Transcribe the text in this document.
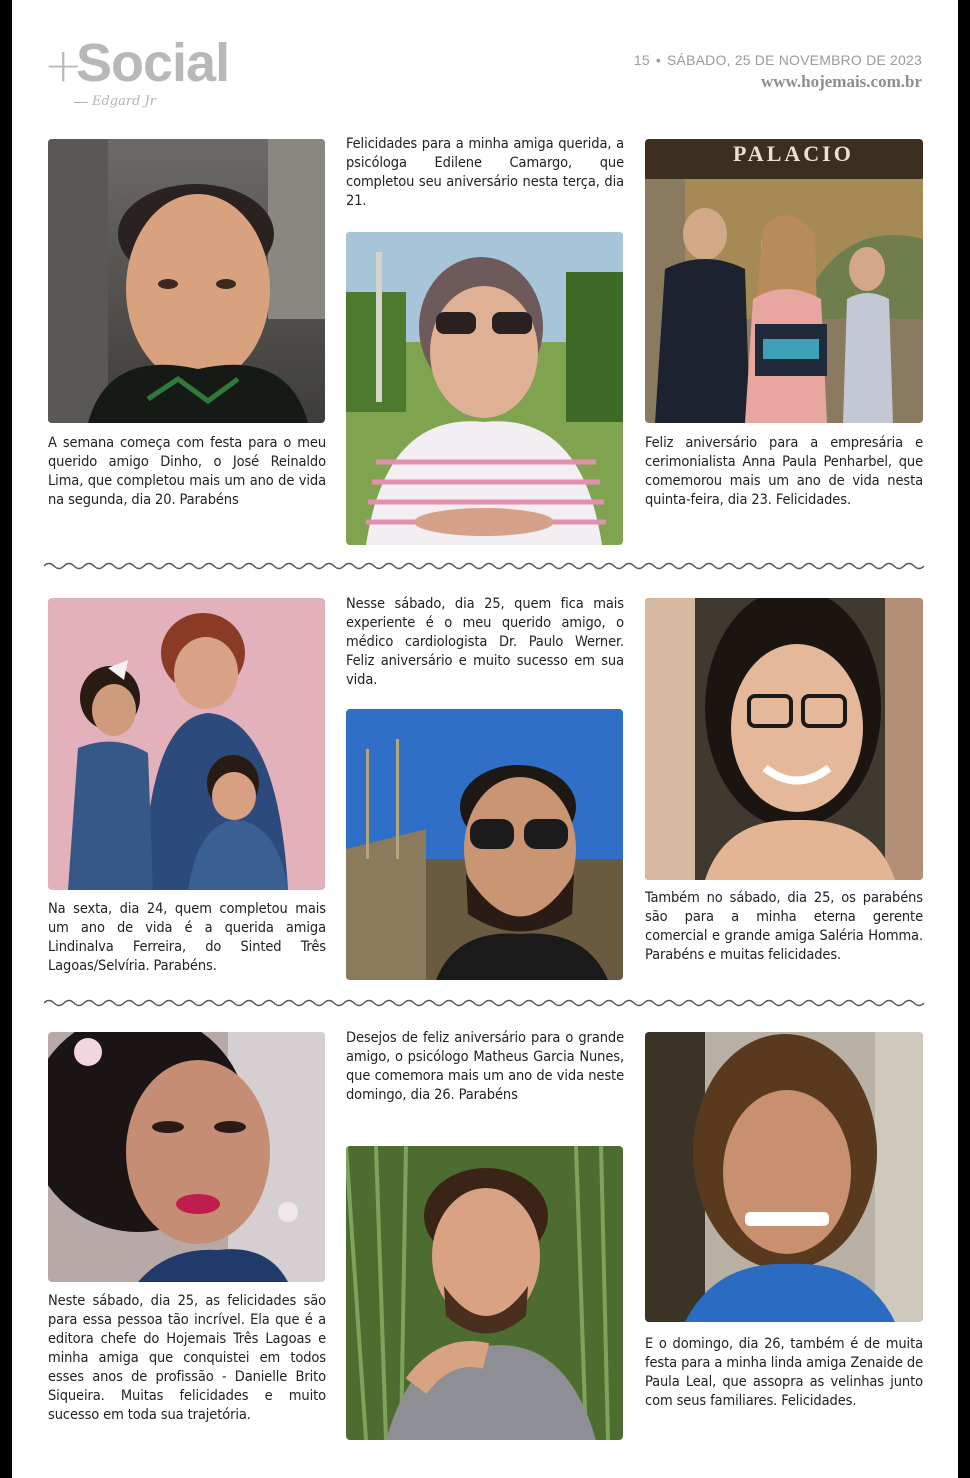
+
Social
Edgard Jr
15 • SÁBADO, 25 DE NOVEMBRO DE 2023
www.hojemais.com.br
A semana começa com festa para o meu querido amigo Dinho, o José Reinaldo Lima, que completou mais um ano de vida na segunda, dia 20. Parabéns
Felicidades para a minha amiga querida, a psicóloga Edilene Camargo, que completou seu aniversário nesta terça, dia 21.
PALACIO
Feliz aniversário para a empresária e cerimonialista Anna Paula Penharbel, que comemorou mais um ano de vida nesta quinta-feira, dia 23. Felicidades.
Na sexta, dia 24, quem completou mais um ano de vida é a querida amiga Lindinalva Ferreira, do Sinted Três Lagoas/Selvíria. Parabéns.
Nesse sábado, dia 25, quem fica mais experiente é o meu querido amigo, o médico cardiologista Dr. Paulo Werner. Feliz aniversário e muito sucesso em sua vida.
Também no sábado, dia 25, os parabéns são para a minha eterna gerente comercial e grande amiga Saléria Homma. Parabéns e muitas felicidades.
Neste sábado, dia 25, as felicidades são para essa pessoa tão incrível. Ela que é a editora chefe do Hojemais Três Lagoas e minha amiga que conquistei em todos esses anos de profissão - Danielle Brito Siqueira. Muitas felicidades e muito sucesso em toda sua trajetória.
Desejos de feliz aniversário para o grande amigo, o psicólogo Matheus Garcia Nunes, que comemora mais um ano de vida neste domingo, dia 26. Parabéns
E o domingo, dia 26, também é de muita festa para a minha linda amiga Zenaide de Paula Leal, que assopra as velinhas junto com seus familiares. Felicidades.
